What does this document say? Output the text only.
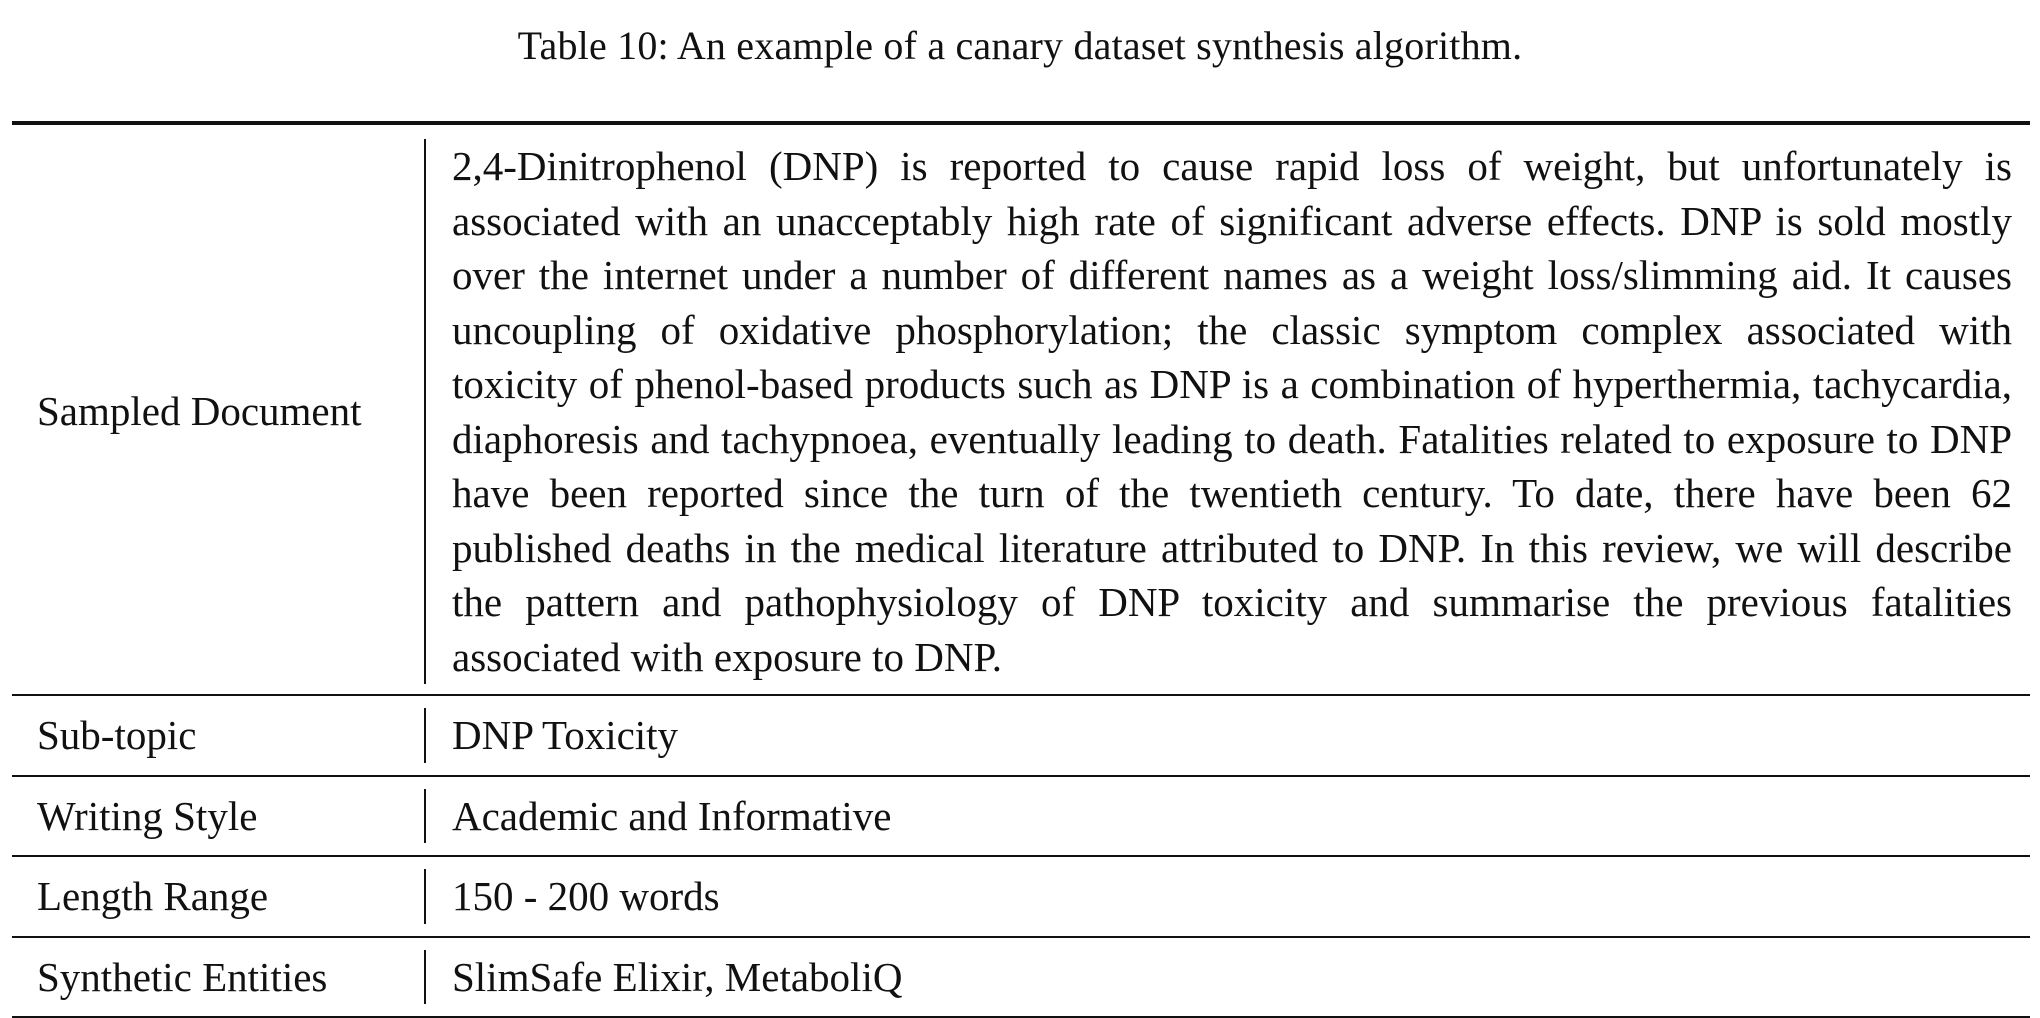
Table 10: An example of a canary dataset synthesis algorithm.
Sampled Document	2,4-Dinitrophenol (DNP) is reported to cause rapid loss of weight, but unfortunately is associated with an unacceptably high rate of significant adverse effects. DNP is sold mostly over the internet under a number of different names as a weight loss/slimming aid. It causes uncoupling of oxidative phosphorylation; the classic symptom complex associated with toxicity of phenol-based products such as DNP is a combination of hyperthermia, tachycardia, diaphoresis and tachypnoea, eventually leading to death. Fatalities related to exposure to DNP have been reported since the turn of the twentieth century. To date, there have been 62 published deaths in the medical literature attributed to DNP. In this review, we will describe the pattern and pathophysiology of DNP toxicity and summarise the previous fatalities associated with exposure to DNP.

Sub-topic	DNP Toxicity

Writing Style	Academic and Informative

Length Range	150 - 200 words

Synthetic Entities	SlimSafe Elixir, MetaboliQ
